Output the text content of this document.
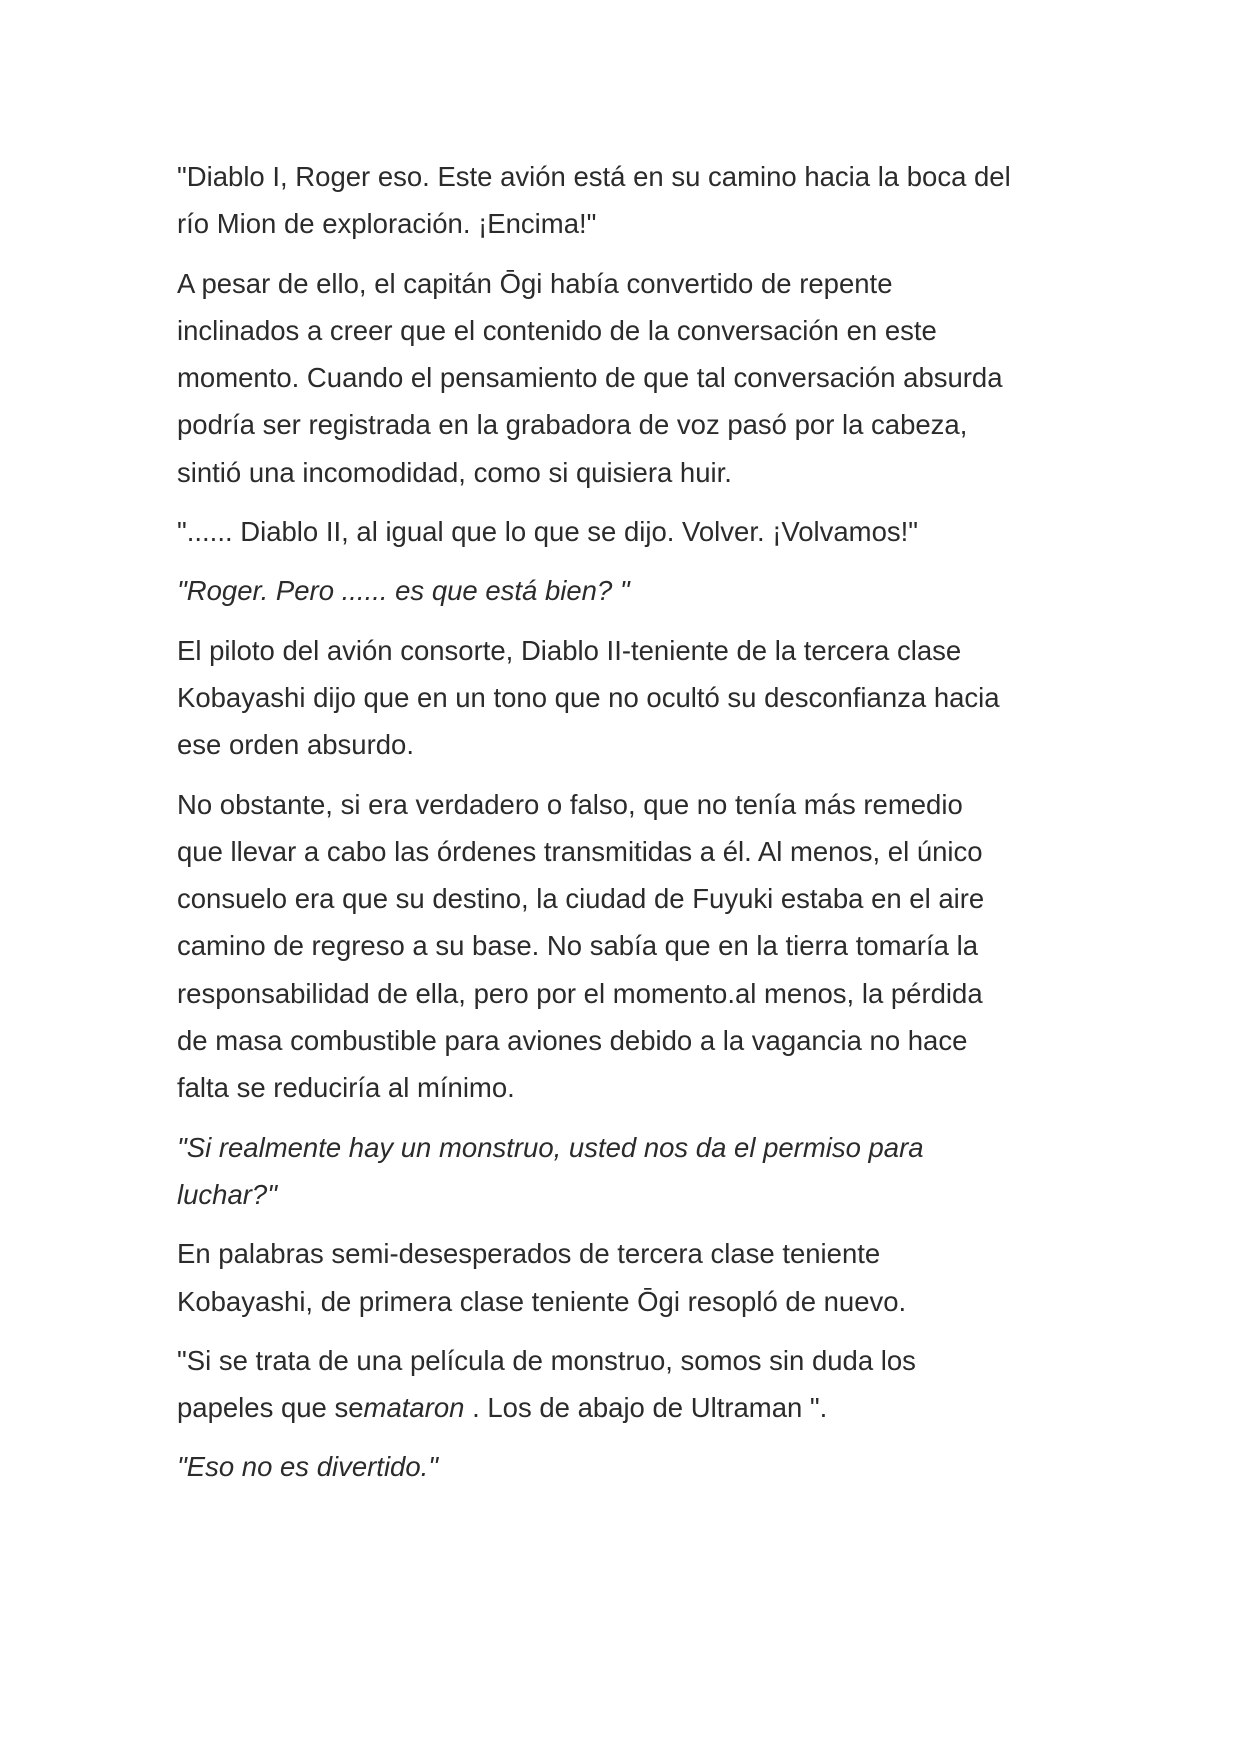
"Diablo I, Roger eso. Este avión está en su camino hacia la boca del
río Mion de exploración. ¡Encima!"

A pesar de ello, el capitán Ōgi había convertido de repente
inclinados a creer que el contenido de la conversación en este
momento. Cuando el pensamiento de que tal conversación absurda
podría ser registrada en la grabadora de voz pasó por la cabeza,
sintió una incomodidad, como si quisiera huir.

"...... Diablo II, al igual que lo que se dijo. Volver. ¡Volvamos!"

"Roger. Pero ...... es que está bien? "

El piloto del avión consorte, Diablo II-teniente de la tercera clase
Kobayashi dijo que en un tono que no ocultó su desconfianza hacia
ese orden absurdo.

No obstante, si era verdadero o falso, que no tenía más remedio
que llevar a cabo las órdenes transmitidas a él. Al menos, el único
consuelo era que su destino, la ciudad de Fuyuki estaba en el aire
camino de regreso a su base. No sabía que en la tierra tomaría la
responsabilidad de ella, pero por el momento.al menos, la pérdida
de masa combustible para aviones debido a la vagancia no hace
falta se reduciría al mínimo.

"Si realmente hay un monstruo, usted nos da el permiso para
luchar?"

En palabras semi-desesperados de tercera clase teniente
Kobayashi, de primera clase teniente Ōgi resopló de nuevo.

"Si se trata de una película de monstruo, somos sin duda los
papeles que semataron . Los de abajo de Ultraman ".

"Eso no es divertido."
